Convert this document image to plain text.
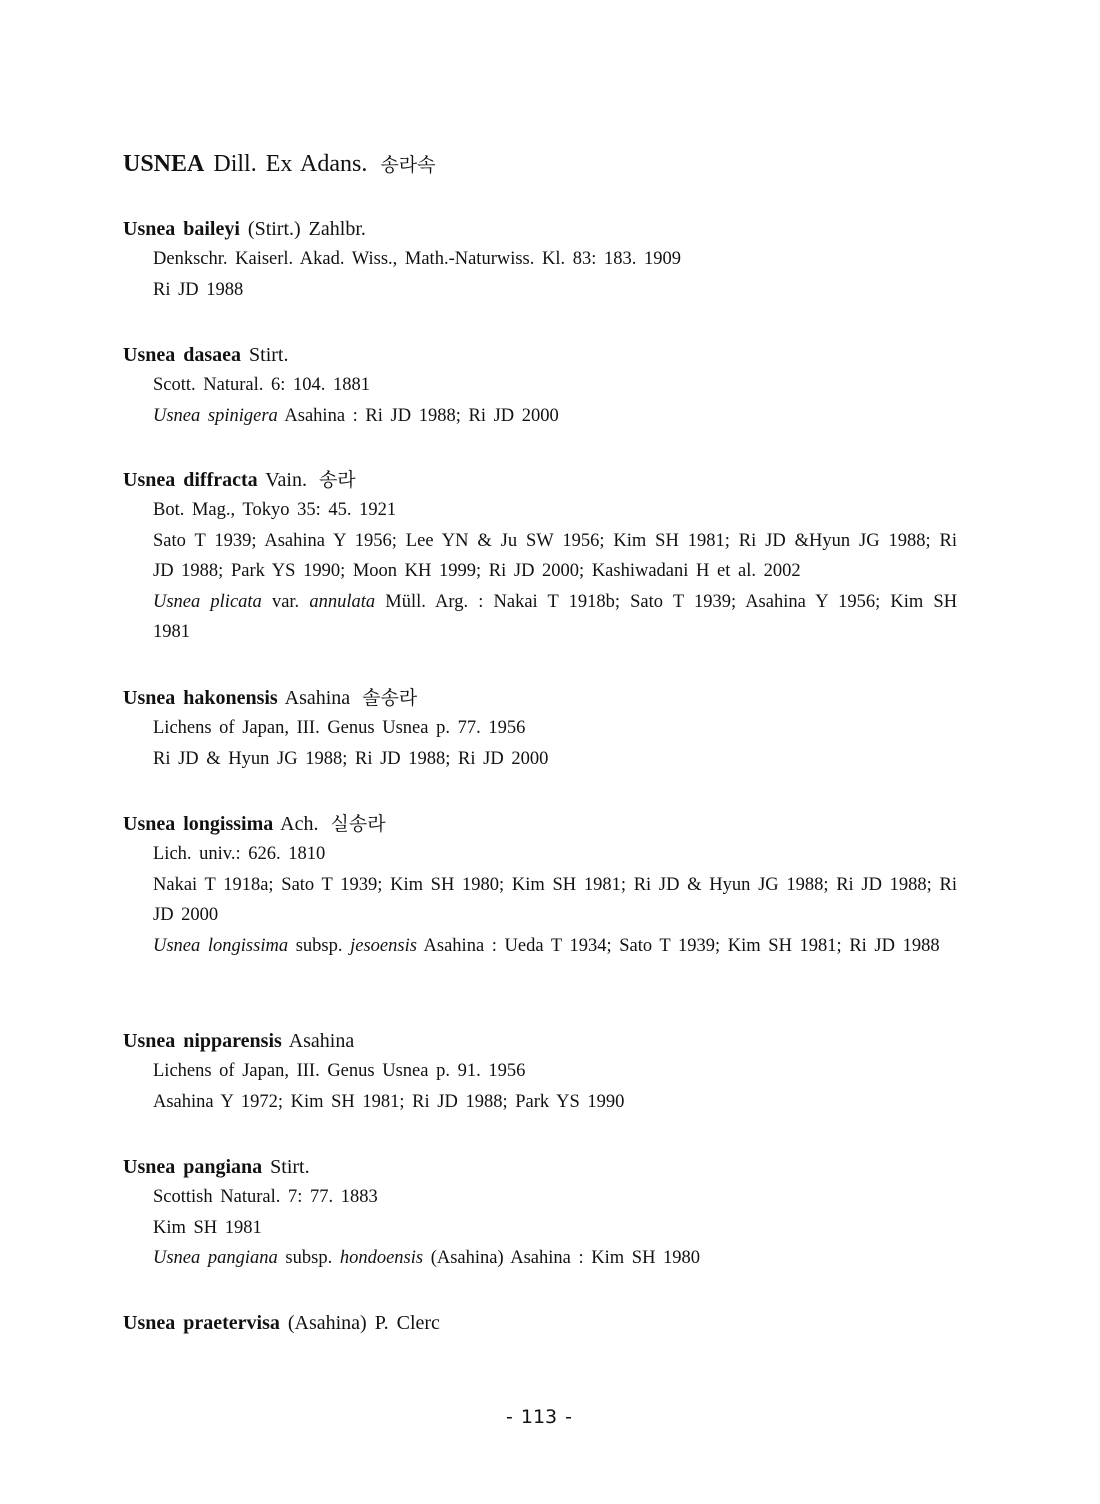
USNEA Dill. Ex Adans. 송라속
Usnea baileyi (Stirt.) Zahlbr.
Denkschr. Kaiserl. Akad. Wiss., Math.-Naturwiss. Kl. 83: 183. 1909
Ri JD 1988
Usnea dasaea Stirt.
Scott. Natural. 6: 104. 1881
Usnea spinigera Asahina : Ri JD 1988; Ri JD 2000
Usnea diffracta Vain. 송라
Bot. Mag., Tokyo 35: 45. 1921
Sato T 1939; Asahina Y 1956; Lee YN & Ju SW 1956; Kim SH 1981; Ri JD &Hyun JG 1988; Ri JD 1988; Park YS 1990; Moon KH 1999; Ri JD 2000; Kashiwadani H et al. 2002
Usnea plicata var. annulata Müll. Arg. : Nakai T 1918b; Sato T 1939; Asahina Y 1956; Kim SH 1981
Usnea hakonensis Asahina 솔송라
Lichens of Japan, III. Genus Usnea p. 77. 1956
Ri JD & Hyun JG 1988; Ri JD 1988; Ri JD 2000
Usnea longissima Ach. 실송라
Lich. univ.: 626. 1810
Nakai T 1918a; Sato T 1939; Kim SH 1980; Kim SH 1981; Ri JD & Hyun JG 1988; Ri JD 1988; Ri JD 2000
Usnea longissima subsp. jesoensis Asahina : Ueda T 1934; Sato T 1939; Kim SH 1981; Ri JD 1988
Usnea nipparensis Asahina
Lichens of Japan, III. Genus Usnea p. 91. 1956
Asahina Y 1972; Kim SH 1981; Ri JD 1988; Park YS 1990
Usnea pangiana Stirt.
Scottish Natural. 7: 77. 1883
Kim SH 1981
Usnea pangiana subsp. hondoensis (Asahina) Asahina : Kim SH 1980
Usnea praetervisa (Asahina) P. Clerc
- 113 -
